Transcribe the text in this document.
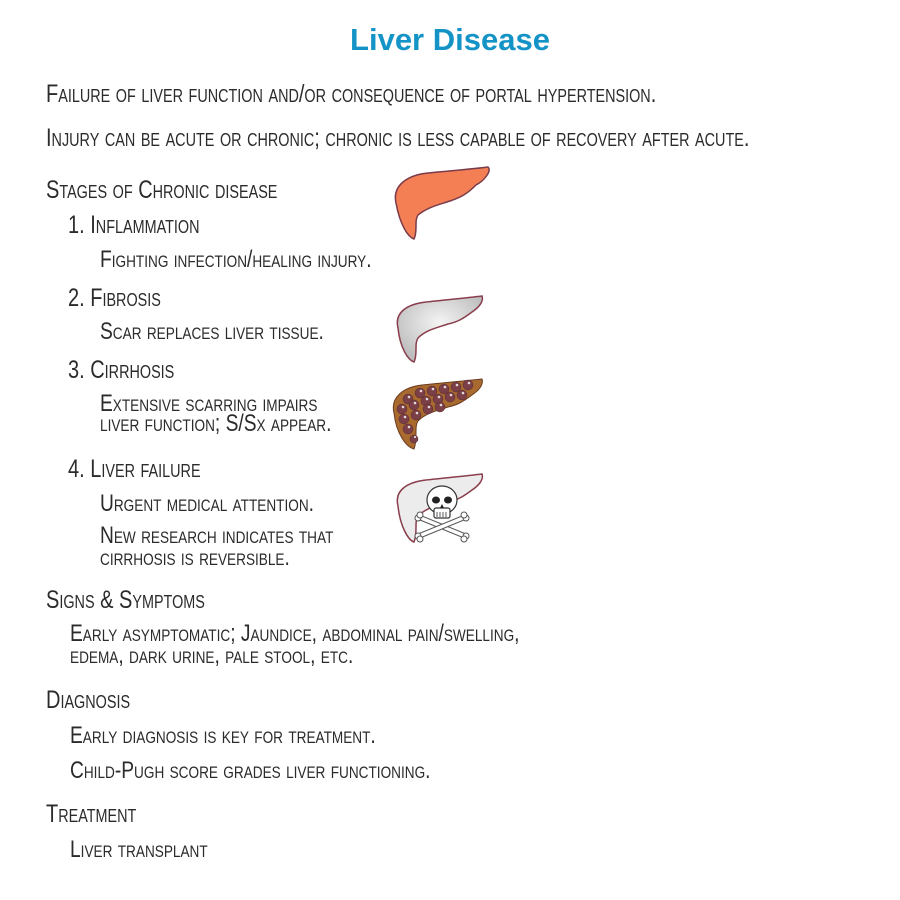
Liver Disease
Failure of liver function and/or consequence of portal hypertension.
Injury can be acute or chronic; chronic is less capable of recovery after acute.
Stages of Chronic disease
1. Inflammation
Fighting infection/healing injury.
2. Fibrosis
Scar replaces liver tissue.
3. Cirrhosis
Extensive scarring impairs
liver function; S/Sx appear.
4. Liver failure
Urgent medical attention.
New research indicates that
cirrhosis is reversible.
Signs & Symptoms
Early asymptomatic; Jaundice, abdominal pain/swelling,
edema, dark urine, pale stool, etc.
Diagnosis
Early diagnosis is key for treatment.
Child-Pugh score grades liver functioning.
Treatment
Liver transplant
